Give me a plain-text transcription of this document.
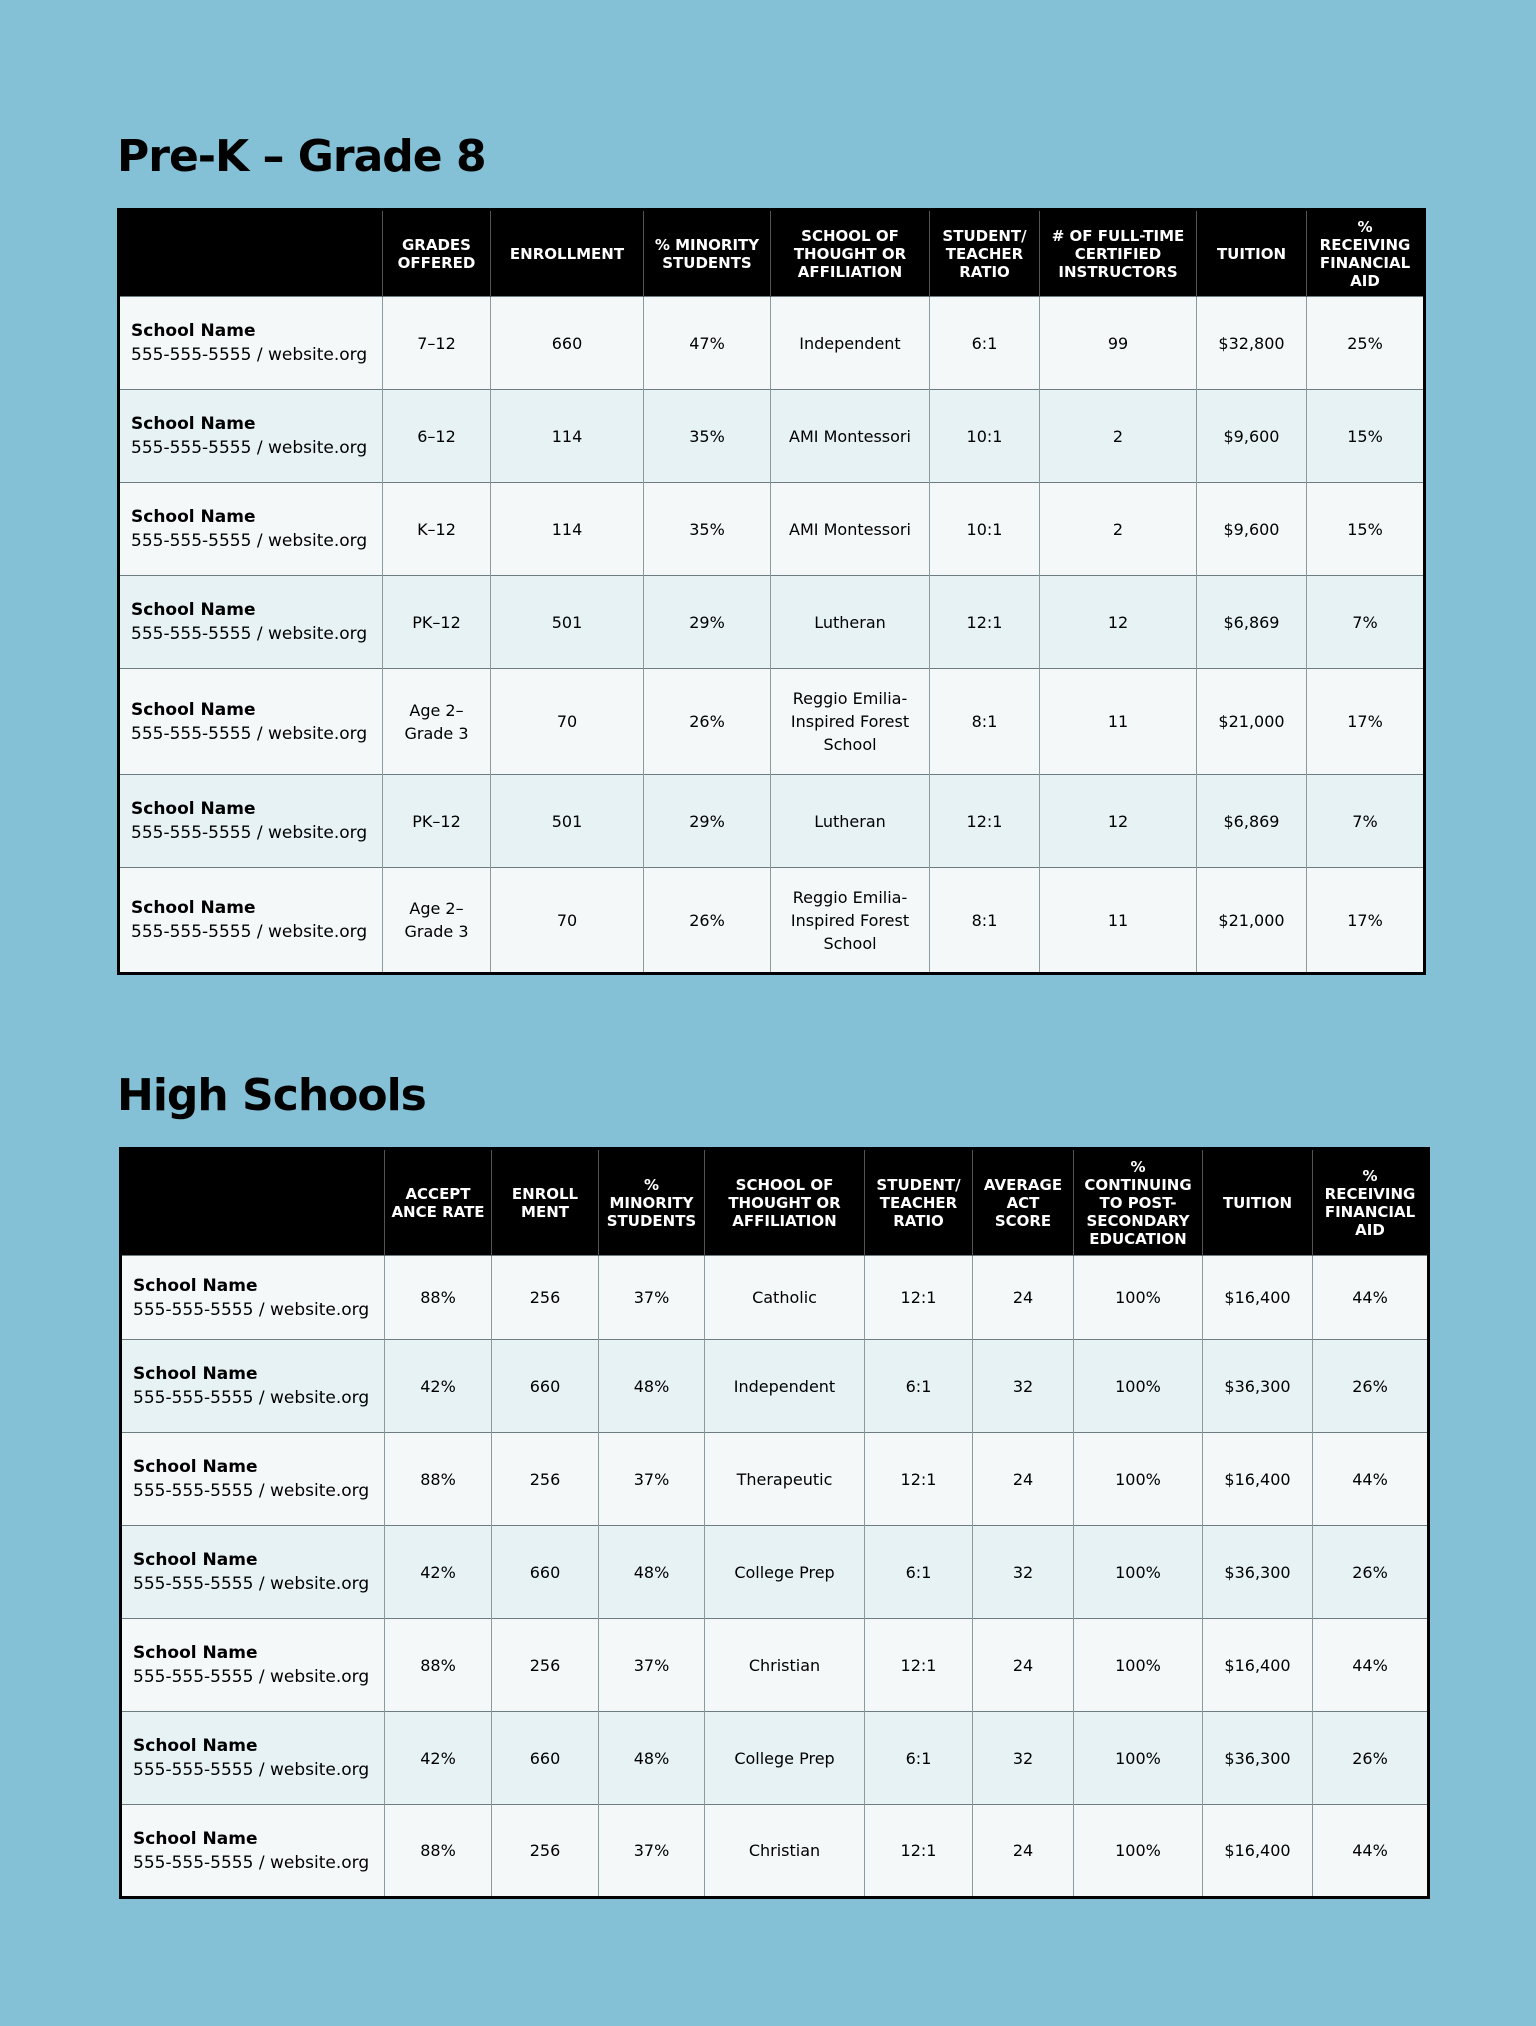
Pre-K – Grade 8
	GRADES OFFERED	ENROLLMENT	% MINORITY STUDENTS	SCHOOL OF THOUGHT OR AFFILIATION	STUDENT/ TEACHER RATIO	# OF FULL-TIME CERTIFIED INSTRUCTORS	TUITION	% RECEIVING FINANCIAL AID

School Name
555-555-5555 / website.org	7–12	660	47%	Independent	6:1	99	$32,800	25%

School Name
555-555-5555 / website.org	6–12	114	35%	AMI Montessori	10:1	2	$9,600	15%

School Name
555-555-5555 / website.org	K–12	114	35%	AMI Montessori	10:1	2	$9,600	15%

School Name
555-555-5555 / website.org	PK–12	501	29%	Lutheran	12:1	12	$6,869	7%

School Name
555-555-5555 / website.org	Age 2– Grade 3	70	26%	Reggio Emilia- Inspired Forest School	8:1	11	$21,000	17%

School Name
555-555-5555 / website.org	PK–12	501	29%	Lutheran	12:1	12	$6,869	7%

School Name
555-555-5555 / website.org	Age 2– Grade 3	70	26%	Reggio Emilia- Inspired Forest School	8:1	11	$21,000	17%
High Schools
	ACCEPT ANCE RATE	ENROLL MENT	% MINORITY STUDENTS	SCHOOL OF THOUGHT OR AFFILIATION	STUDENT/ TEACHER RATIO	AVERAGE ACT SCORE	% CONTINUING TO POST- SECONDARY EDUCATION	TUITION	% RECEIVING FINANCIAL AID

School Name
555-555-5555 / website.org	88%	256	37%	Catholic	12:1	24	100%	$16,400	44%

School Name
555-555-5555 / website.org	42%	660	48%	Independent	6:1	32	100%	$36,300	26%

School Name
555-555-5555 / website.org	88%	256	37%	Therapeutic	12:1	24	100%	$16,400	44%

School Name
555-555-5555 / website.org	42%	660	48%	College Prep	6:1	32	100%	$36,300	26%

School Name
555-555-5555 / website.org	88%	256	37%	Christian	12:1	24	100%	$16,400	44%

School Name
555-555-5555 / website.org	42%	660	48%	College Prep	6:1	32	100%	$36,300	26%

School Name
555-555-5555 / website.org	88%	256	37%	Christian	12:1	24	100%	$16,400	44%
